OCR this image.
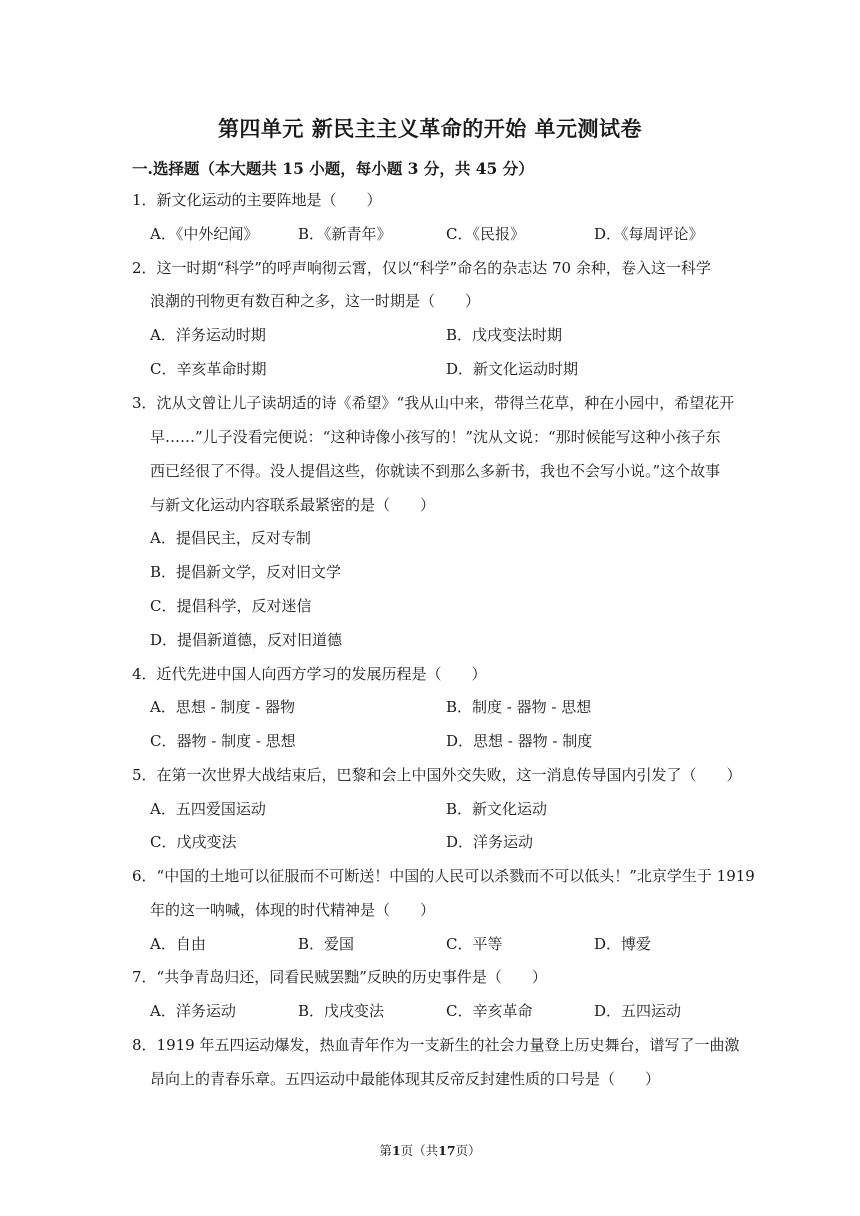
第四单元 新民主主义革命的开始 单元测试卷
一.选择题（本大题共 15 小题，每小题 3 分，共 45 分）
1．新文化运动的主要阵地是（　　）
A．《中外纪闻》	B．《新青年》	C．《民报》	D．《每周评论》
2．这一时期“科学”的呼声响彻云霄，仅以“科学”命名的杂志达 70 余种，卷入这一科学
浪潮的刊物更有数百种之多，这一时期是（　　）
A．洋务运动时期	B．戊戌变法时期
C．辛亥革命时期	D．新文化运动时期
3．沈从文曾让儿子读胡适的诗《希望》“我从山中来，带得兰花草，种在小园中，希望花开
早……”儿子没看完便说：“这种诗像小孩写的！”沈从文说：“那时候能写这种小孩子东
西已经很了不得。没人提倡这些，你就读不到那么多新书，我也不会写小说。”这个故事
与新文化运动内容联系最紧密的是（　　）
A．提倡民主，反对专制
B．提倡新文学，反对旧文学
C．提倡科学，反对迷信
D．提倡新道德，反对旧道德
4．近代先进中国人向西方学习的发展历程是（　　）
A．思想 - 制度 - 器物	B．制度 - 器物 - 思想
C．器物 - 制度 - 思想	D．思想 - 器物 - 制度
5．在第一次世界大战结束后，巴黎和会上中国外交失败，这一消息传导国内引发了（　　）
A．五四爱国运动	B．新文化运动
C．戊戌变法	D．洋务运动
6．“中国的土地可以征服而不可断送！中国的人民可以杀戮而不可以低头！”北京学生于 1919
年的这一呐喊，体现的时代精神是（　　）
A．自由	B．爱国	C．平等	D．博爱
7．“共争青岛归还，同看民贼罢黜”反映的历史事件是（　　）
A．洋务运动	B．戊戌变法	C．辛亥革命	D．五四运动
8．1919 年五四运动爆发，热血青年作为一支新生的社会力量登上历史舞台，谱写了一曲激
昂向上的青春乐章。五四运动中最能体现其反帝反封建性质的口号是（　　）
第1页（共17页）
